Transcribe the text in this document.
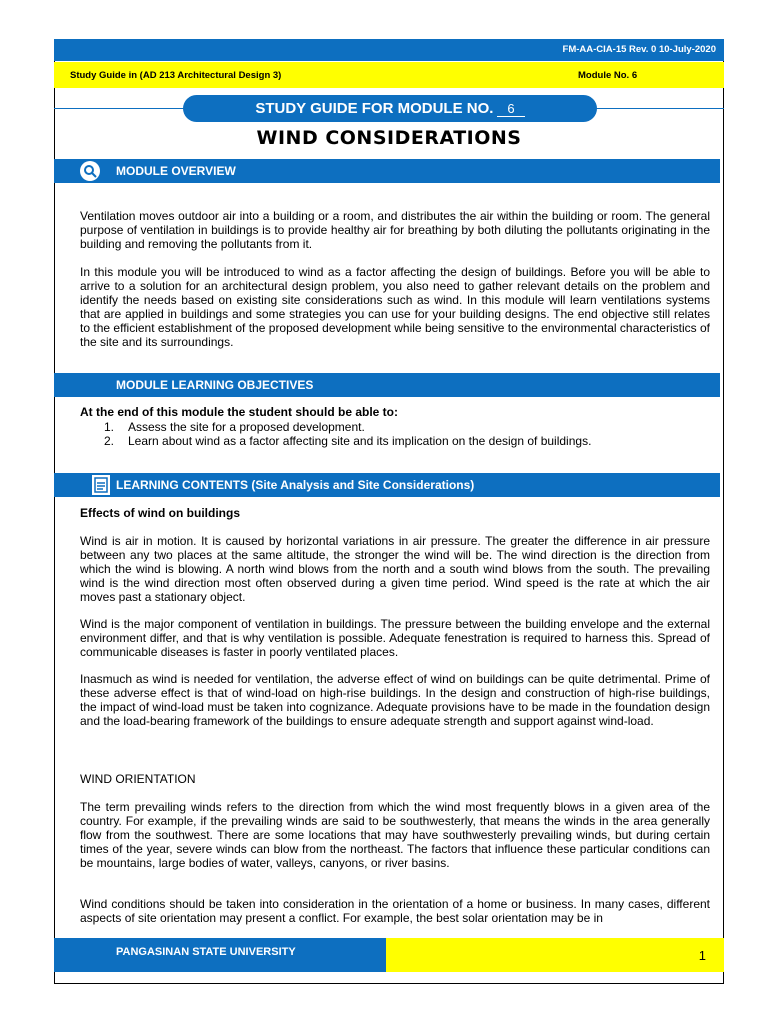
FM-AA-CIA-15 Rev. 0 10-July-2020
Study Guide in (AD 213 Architectural Design 3)	Module No. 6
STUDY GUIDE FOR MODULE NO.	6
WIND CONSIDERATIONS
MODULE OVERVIEW
Ventilation moves outdoor air into a building or a room, and distributes the air within the building or room. The general purpose of ventilation in buildings is to provide healthy air for breathing by both diluting the pollutants originating in the building and removing the pollutants from it.
In this module you will be introduced to wind as a factor affecting the design of buildings. Before you will be able to arrive to a solution for an architectural design problem, you also need to gather relevant details on the problem and identify the needs based on existing site considerations such as wind. In this module will learn ventilations systems that are applied in buildings and some strategies you can use for your building designs. The end objective still relates to the efficient establishment of the proposed development while being sensitive to the environmental characteristics of the site and its surroundings.
MODULE LEARNING OBJECTIVES
At the end of this module the student should be able to:
1.	Assess the site for a proposed development.
2.	Learn about wind as a factor affecting site and its implication on the design of buildings.
LEARNING CONTENTS (Site Analysis and Site Considerations)
Effects of wind on buildings
Wind is air in motion. It is caused by horizontal variations in air pressure. The greater the difference in air pressure between any two places at the same altitude, the stronger the wind will be. The wind direction is the direction from which the wind is blowing. A north wind blows from the north and a south wind blows from the south. The prevailing wind is the wind direction most often observed during a given time period. Wind speed is the rate at which the air moves past a stationary object.
Wind is the major component of ventilation in buildings. The pressure between the building envelope and the external environment differ, and that is why ventilation is possible. Adequate fenestration is required to harness this. Spread of communicable diseases is faster in poorly ventilated places.
Inasmuch as wind is needed for ventilation, the adverse effect of wind on buildings can be quite detrimental. Prime of these adverse effect is that of wind-load on high-rise buildings. In the design and construction of high-rise buildings, the impact of wind-load must be taken into cognizance. Adequate provisions have to be made in the foundation design and the load-bearing framework of the buildings to ensure adequate strength and support against wind-load.
WIND ORIENTATION
The term prevailing winds refers to the direction from which the wind most frequently blows in a given area of the country. For example, if the prevailing winds are said to be southwesterly, that means the winds in the area generally flow from the southwest. There are some locations that may have southwesterly prevailing winds, but during certain times of the year, severe winds can blow from the northeast. The factors that influence these particular conditions can be mountains, large bodies of water, valleys, canyons, or river basins.
Wind conditions should be taken into consideration in the orientation of a home or business. In many cases, different aspects of site orientation may present a conflict. For example, the best solar orientation may be in
PANGASINAN STATE UNIVERSITY	1
